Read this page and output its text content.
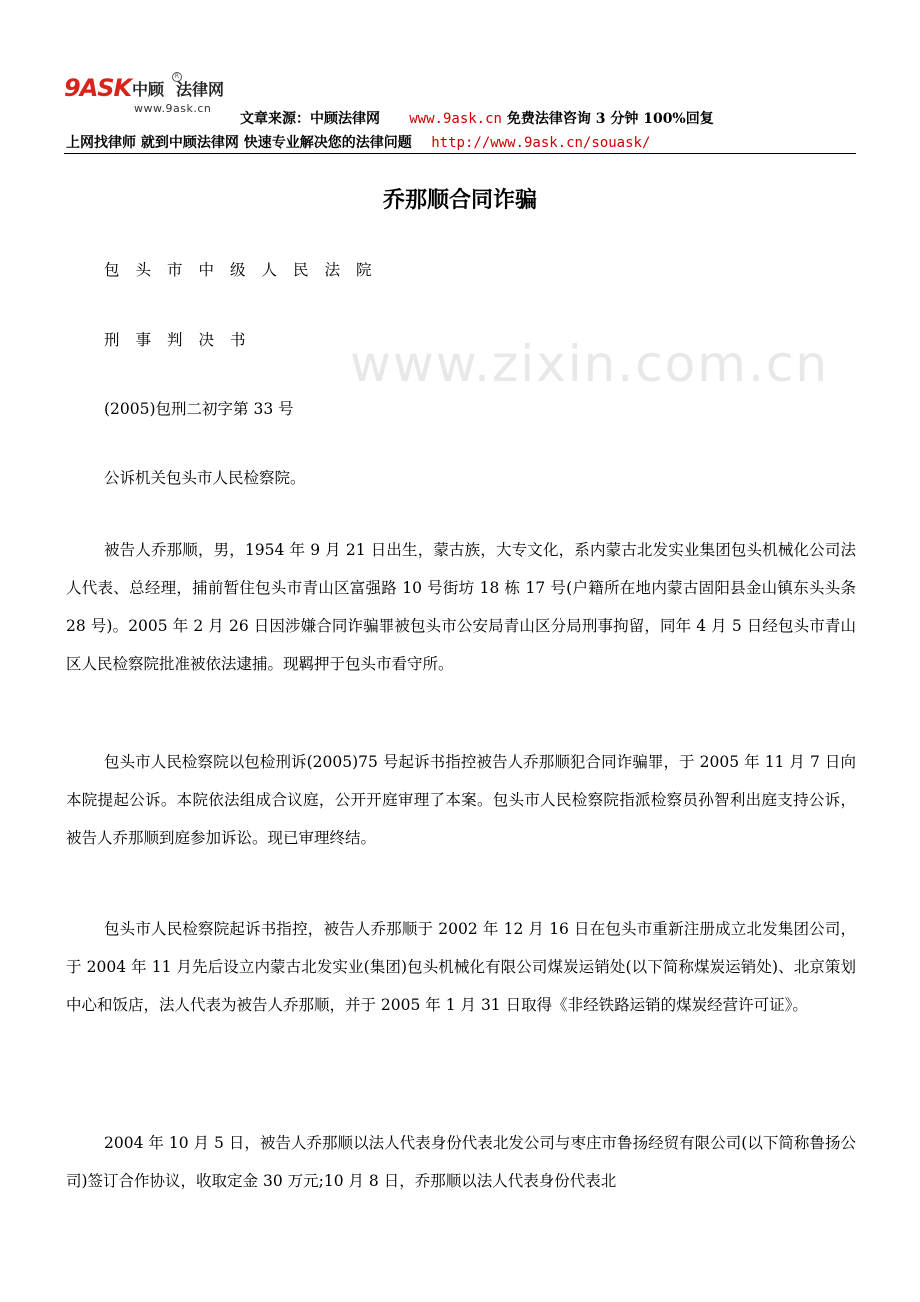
9ASK 中顾
R
法律网
www.9ask.cn
文章来源：中顾法律网 www.9ask.cn 免费法律咨询 3 分钟 100%回复
上网找律师 就到中顾法律网 快速专业解决您的法律问题 http://www.9ask.cn/souask/
www.zixin.com.cn
乔那顺合同诈骗
包头市中级人民法院
刑事判决书
(2005)包刑二初字第 33 号
公诉机关包头市人民检察院。
被告人乔那顺，男，1954 年 9 月 21 日出生，蒙古族，大专文化，系内蒙古北发实业集团包头机械化公司法人代表、总经理，捕前暂住包头市青山区富强路 10 号街坊 18 栋 17 号(户籍所在地内蒙古固阳县金山镇东头头条 28 号)。2005 年 2 月 26 日因涉嫌合同诈骗罪被包头市公安局青山区分局刑事拘留，同年 4 月 5 日经包头市青山区人民检察院批准被依法逮捕。现羁押于包头市看守所。
包头市人民检察院以包检刑诉(2005)75 号起诉书指控被告人乔那顺犯合同诈骗罪，于 2005 年 11 月 7 日向本院提起公诉。本院依法组成合议庭，公开开庭审理了本案。包头市人民检察院指派检察员孙智利出庭支持公诉，被告人乔那顺到庭参加诉讼。现已审理终结。
包头市人民检察院起诉书指控，被告人乔那顺于 2002 年 12 月 16 日在包头市重新注册成立北发集团公司，于 2004 年 11 月先后设立内蒙古北发实业(集团)包头机械化有限公司煤炭运销处(以下简称煤炭运销处)、北京策划中心和饭店，法人代表为被告人乔那顺，并于 2005 年 1 月 31 日取得《非经铁路运销的煤炭经营许可证》。
2004 年 10 月 5 日，被告人乔那顺以法人代表身份代表北发公司与枣庄市鲁扬经贸有限公司(以下简称鲁扬公司)签订合作协议，收取定金 30 万元;10 月 8 日，乔那顺以法人代表身份代表北
